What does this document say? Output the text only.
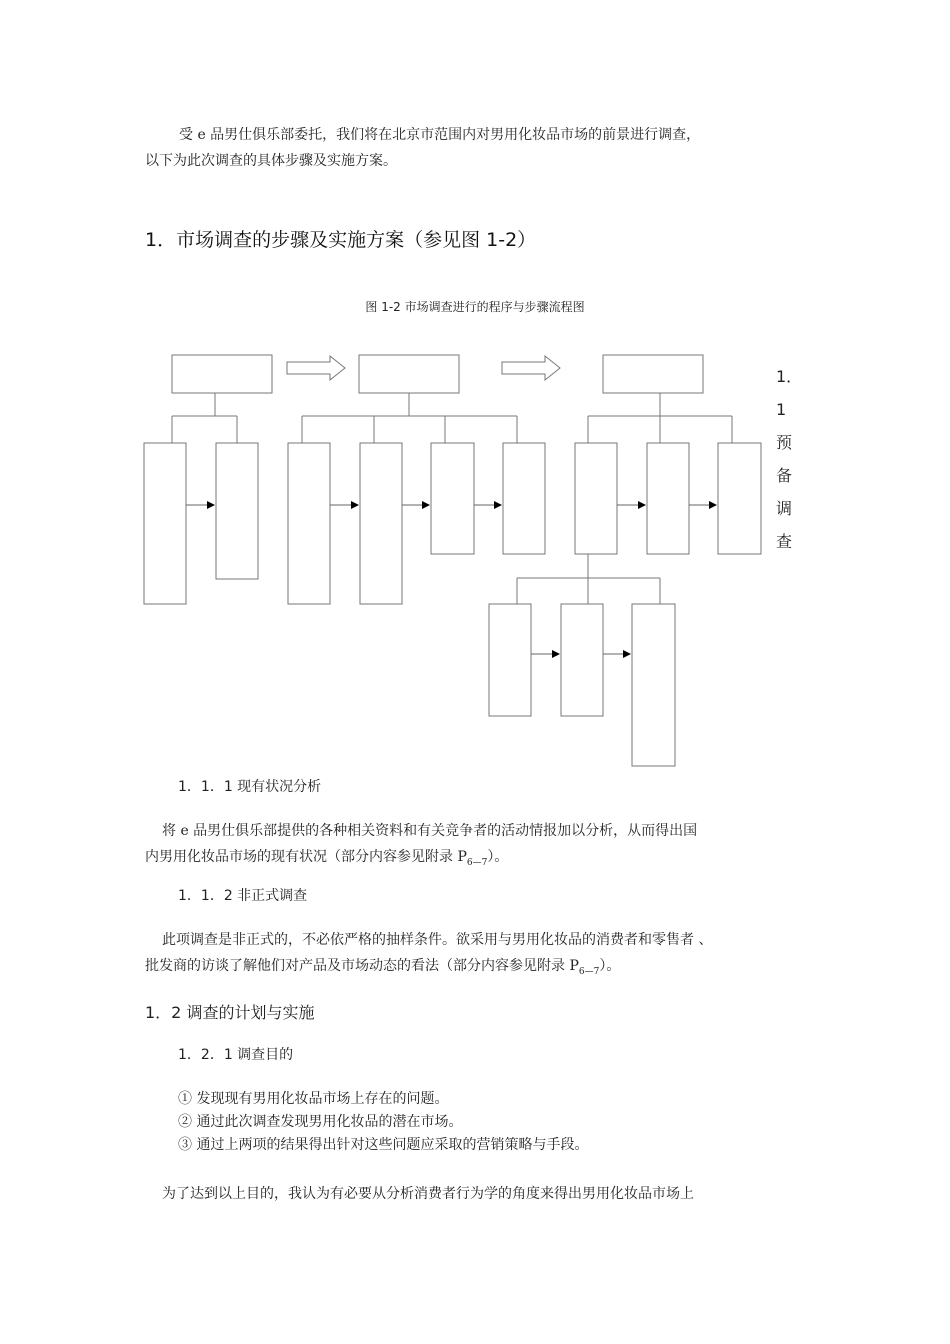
受 e 品男仕俱乐部委托，我们将在北京市范围内对男用化妆品市场的前景进行调查，
以下为此次调查的具体步骤及实施方案。
1．市场调查的步骤及实施方案（参见图 1-2）
图 1-2 市场调查进行的程序与步骤流程图
1．
1
预
备
调
查
1．1．1 现有状况分析
将 e 品男仕俱乐部提供的各种相关资料和有关竞争者的活动情报加以分析，从而得出国
内男用化妆品市场的现有状况（部分内容参见附录 $P_{6—7}$）。
1．1．2 非正式调查
此项调查是非正式的，不必依严格的抽样条件。欲采用与男用化妆品的消费者和零售者 、
批发商的访谈了解他们对产品及市场动态的看法（部分内容参见附录 $P_{6—7}$）。
1．2 调查的计划与实施
1．2．1 调查目的
① 发现现有男用化妆品市场上存在的问题。
② 通过此次调查发现男用化妆品的潜在市场。
③ 通过上两项的结果得出针对这些问题应采取的营销策略与手段。
为了达到以上目的，我认为有必要从分析消费者行为学的角度来得出男用化妆品市场上
